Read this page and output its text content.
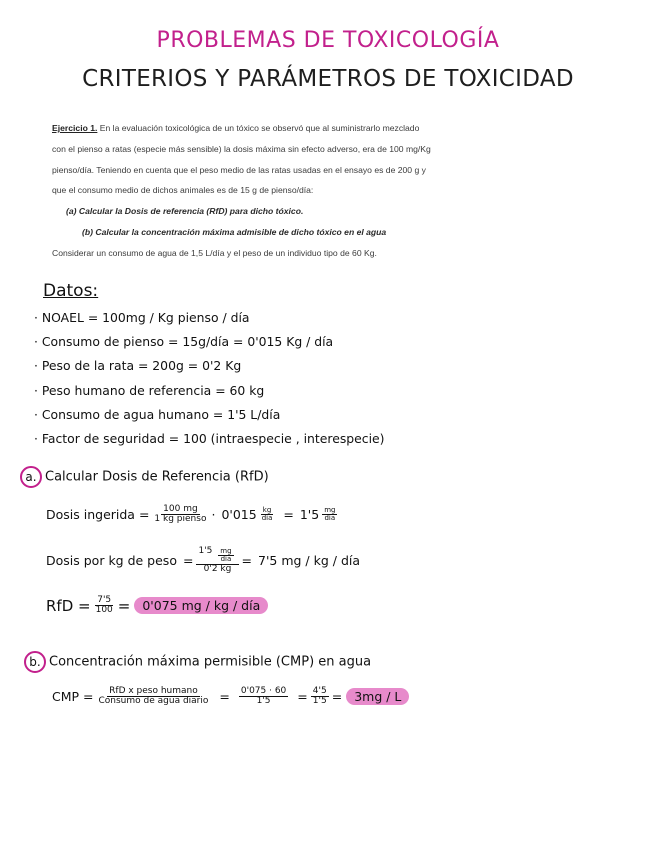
PROBLEMAS DE TOXICOLOGÍA
CRITERIOS Y PARÁMETROS DE TOXICIDAD

Ejercicio 1. En la evaluación toxicológica de un tóxico se observó que al suministrarlo mezclado

con el pienso a ratas (especie más sensible) la dosis máxima sin efecto adverso, era de 100 mg/Kg

pienso/día. Teniendo en cuenta que el peso medio de las ratas usadas en el ensayo es de 200 g y

que el consumo medio de dichos animales es de 15 g de pienso/día:

(a) Calcular la Dosis de referencia (RfD) para dicho tóxico.

(b) Calcular la concentración máxima admisible de dicho tóxico en el agua

Considerar un consumo de agua de 1,5 L/día y el peso de un individuo tipo de 60 Kg.

Datos:
· NOAEL = 100mg / Kg pienso / día
· Consumo de pienso = 15g/día = 0'015 Kg / día
· Peso de la rata = 200g = 0'2 Kg
· Peso humano de referencia = 60 kg
· Consumo de agua humano = 1'5 L/día
· Factor de seguridad = 100 (intraespecie , interespecie)
a. Calcular Dosis de Referencia (RfD)
Dosis ingerida = $\frac{100 mg}{\text{1 kg pienso}} \cdot 0'015 \frac{kg}{\text{día}} = 1'5 \frac{mg}{\text{día}}$
Dosis por kg de peso = $\frac{1'5 \frac{mg}{\text{día}}}{0'2 kg} = 7'5$ mg / kg / día
RfD = $\frac{7'5}{100} = 0'075$ mg / kg / día
b. Concentración máxima permisible (CMP) en agua
CMP = $\frac{\text{RfD x peso humano}}{\text{Consumo de agua diario}} = \frac{0'075 \cdot 60}{1'5} = \frac{4'5}{1'5} = 3mg / L$
